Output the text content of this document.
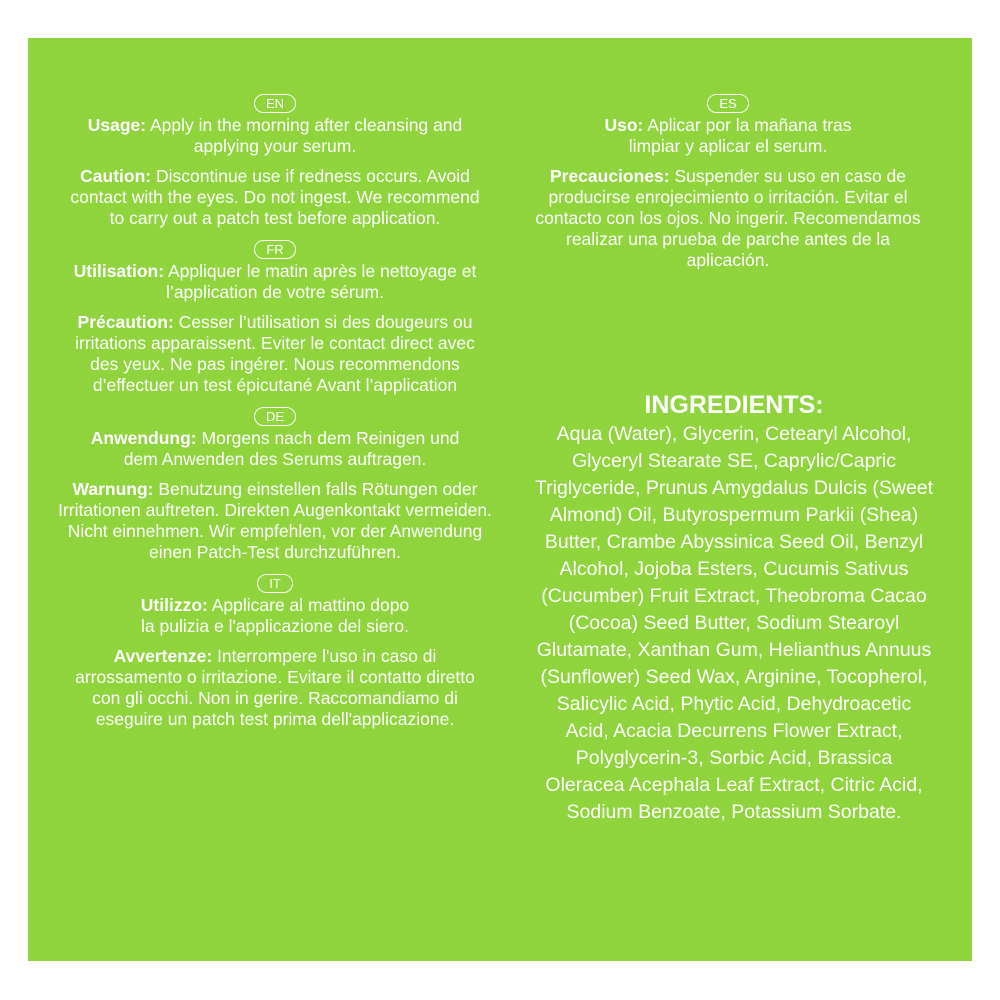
EN
Usage: Apply in the morning after cleansing and applying your serum.
Caution: Discontinue use if redness occurs. Avoid contact with the eyes. Do not ingest. We recommend to carry out a patch test before application.
FR
Utilisation: Appliquer le matin après le nettoyage et l’application de votre sérum.
Précaution: Cesser l’utilisation si des dougeurs ou irritations apparaissent. Eviter le contact direct avec des yeux. Ne pas ingérer. Nous recommendons d’effectuer un test épicutané Avant l’application
DE
Anwendung: Morgens nach dem Reinigen und dem Anwenden des Serums auftragen.
Warnung: Benutzung einstellen falls Rötungen oder Irritationen auftreten. Direkten Augenkontakt vermeiden. Nicht einnehmen. Wir empfehlen, vor der Anwendung einen Patch-Test durchzuführen.
IT
Utilizzo: Applicare al mattino dopo la pulizia e l'applicazione del siero.
Avvertenze: Interrompere l'uso in caso di arrossamento o irritazione. Evitare il contatto diretto con gli occhi. Non in gerire. Raccomandiamo di eseguire un patch test prima dell'applicazione.
ES
Uso: Aplicar por la mañana tras limpiar y aplicar el serum.
Precauciones: Suspender su uso en caso de producirse enrojecimiento o irritación. Evitar el contacto con los ojos. No ingerir. Recomendamos realizar una prueba de parche antes de la aplicación.
INGREDIENTS:
Aqua (Water), Glycerin, Cetearyl Alcohol, Glyceryl Stearate SE, Caprylic/Capric Triglyceride, Prunus Amygdalus Dulcis (Sweet Almond) Oil, Butyrospermum Parkii (Shea) Butter, Crambe Abyssinica Seed Oil, Benzyl Alcohol, Jojoba Esters, Cucumis Sativus (Cucumber) Fruit Extract, Theobroma Cacao (Cocoa) Seed Butter, Sodium Stearoyl Glutamate, Xanthan Gum, Helianthus Annuus (Sunflower) Seed Wax, Arginine, Tocopherol, Salicylic Acid, Phytic Acid, Dehydroacetic Acid, Acacia Decurrens Flower Extract, Polyglycerin-3, Sorbic Acid, Brassica Oleracea Acephala Leaf Extract, Citric Acid, Sodium Benzoate, Potassium Sorbate.
